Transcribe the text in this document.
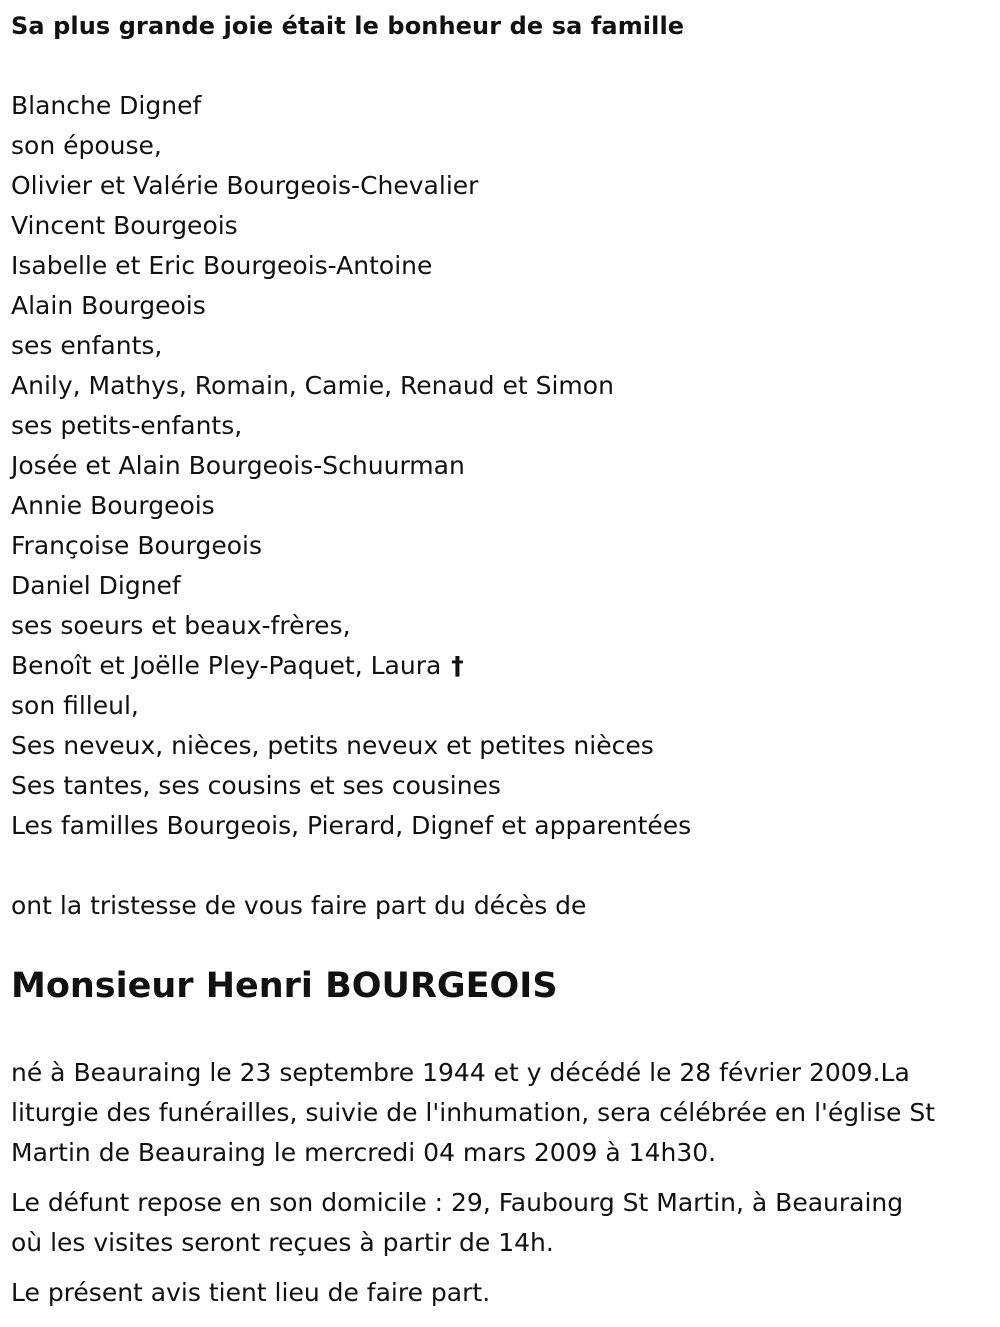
Sa plus grande joie était le bonheur de sa famille
Blanche Dignef
son épouse,
Olivier et Valérie Bourgeois-Chevalier
Vincent Bourgeois
Isabelle et Eric Bourgeois-Antoine
Alain Bourgeois
ses enfants,
Anily, Mathys, Romain, Camie, Renaud et Simon
ses petits-enfants,
Josée et Alain Bourgeois-Schuurman
Annie Bourgeois
Françoise Bourgeois
Daniel Dignef
ses soeurs et beaux-frères,
Benoît et Joëlle Pley-Paquet, Laura †
son filleul,
Ses neveux, nièces, petits neveux et petites nièces
Ses tantes, ses cousins et ses cousines
Les familles Bourgeois, Pierard, Dignef et apparentées
ont la tristesse de vous faire part du décès de
Monsieur Henri BOURGEOIS

né à Beauraing le 23 septembre 1944 et y décédé le 28 février 2009.La
liturgie des funérailles, suivie de l'inhumation, sera célébrée en l'église St
Martin de Beauraing le mercredi 04 mars 2009 à 14h30.

Le défunt repose en son domicile : 29, Faubourg St Martin, à Beauraing
où les visites seront reçues à partir de 14h.

Le présent avis tient lieu de faire part.
